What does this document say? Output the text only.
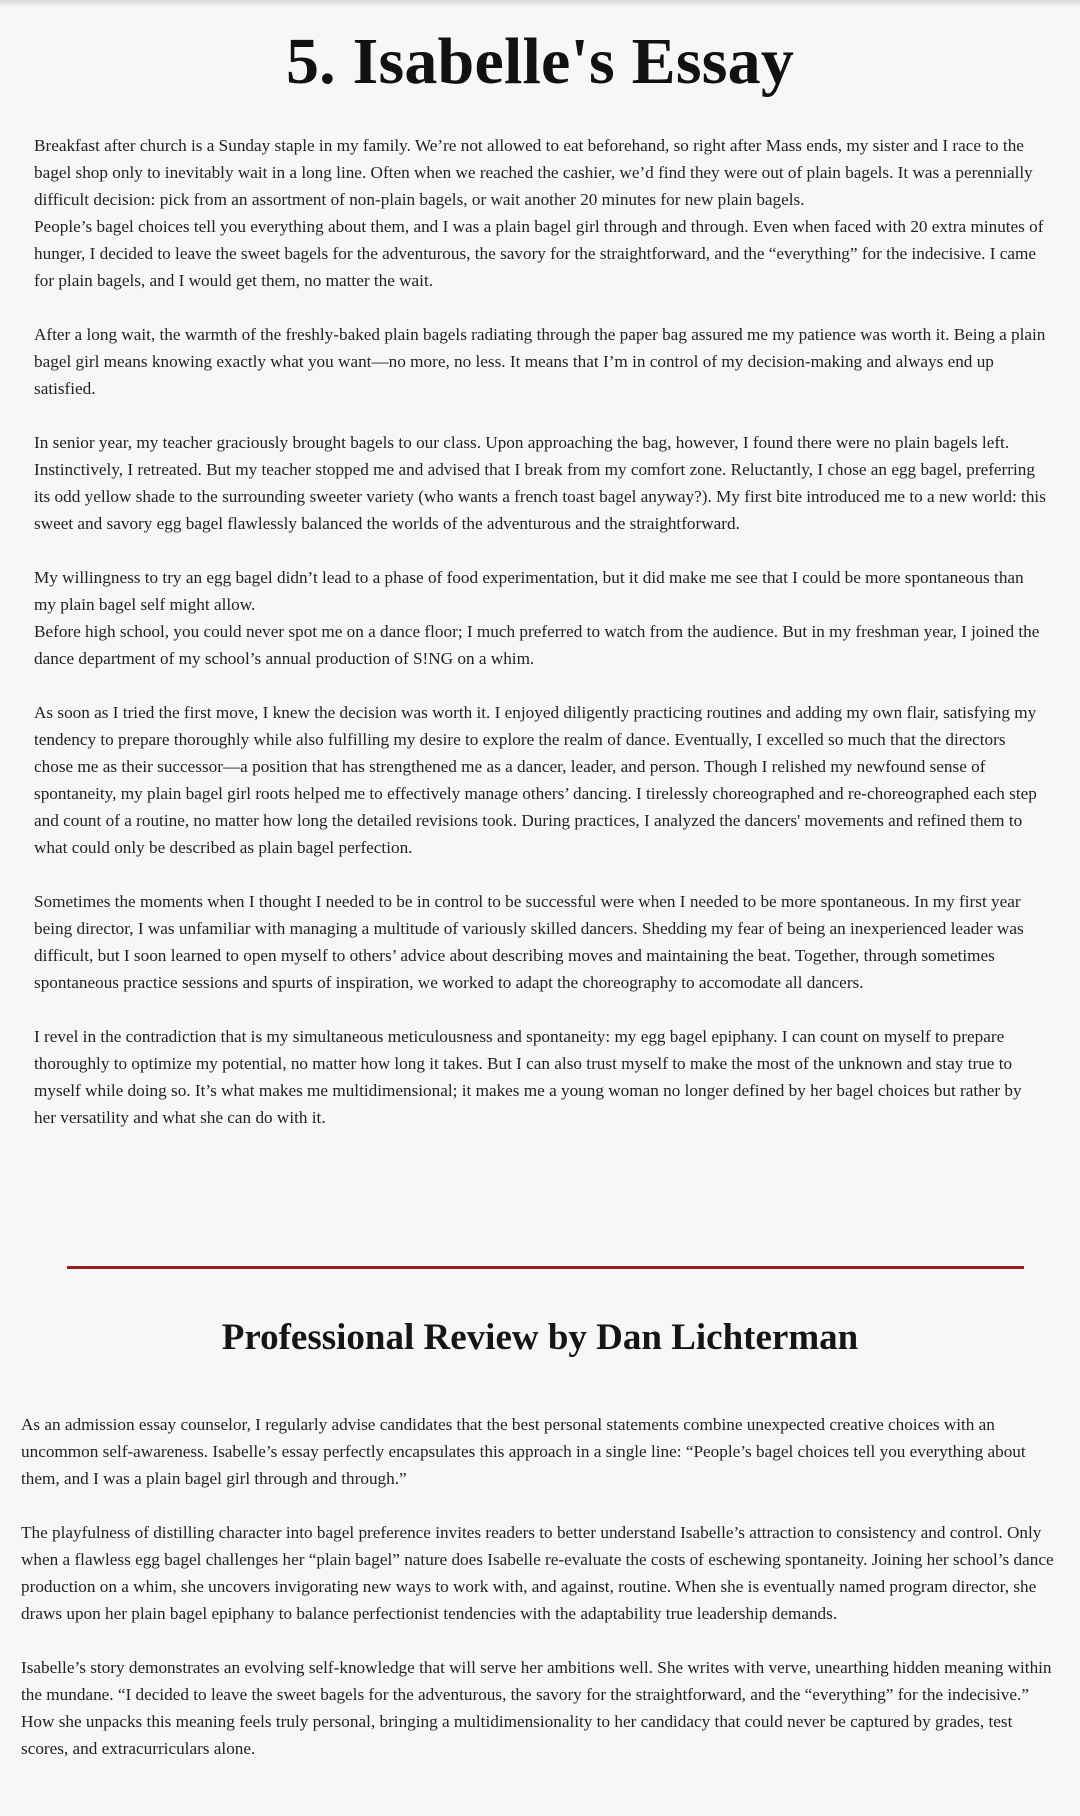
5. Isabelle's Essay

Breakfast after church is a Sunday staple in my family. We’re not allowed to eat beforehand, so right after Mass ends, my sister and I race to the bagel shop only to inevitably wait in a long line. Often when we reached the cashier, we’d find they were out of plain bagels. It was a perennially difficult decision: pick from an assortment of non-plain bagels, or wait another 20 minutes for new plain bagels.

People’s bagel choices tell you everything about them, and I was a plain bagel girl through and through. Even when faced with 20 extra minutes of hunger, I decided to leave the sweet bagels for the adventurous, the savory for the straightforward, and the “everything” for the indecisive. I came for plain bagels, and I would get them, no matter the wait.

After a long wait, the warmth of the freshly-baked plain bagels radiating through the paper bag assured me my patience was worth it. Being a plain bagel girl means knowing exactly what you want—no more, no less. It means that I’m in control of my decision-making and always end up satisfied.

In senior year, my teacher graciously brought bagels to our class. Upon approaching the bag, however, I found there were no plain bagels left. Instinctively, I retreated. But my teacher stopped me and advised that I break from my comfort zone. Reluctantly, I chose an egg bagel, preferring its odd yellow shade to the surrounding sweeter variety (who wants a french toast bagel anyway?). My first bite introduced me to a new world: this sweet and savory egg bagel flawlessly balanced the worlds of the adventurous and the straightforward.

My willingness to try an egg bagel didn’t lead to a phase of food experimentation, but it did make me see that I could be more spontaneous than my plain bagel self might allow.

Before high school, you could never spot me on a dance floor; I much preferred to watch from the audience. But in my freshman year, I joined the dance department of my school’s annual production of S!NG on a whim.

As soon as I tried the first move, I knew the decision was worth it. I enjoyed diligently practicing routines and adding my own flair, satisfying my tendency to prepare thoroughly while also fulfilling my desire to explore the realm of dance. Eventually, I excelled so much that the directors chose me as their successor—a position that has strengthened me as a dancer, leader, and person. Though I relished my newfound sense of spontaneity, my plain bagel girl roots helped me to effectively manage others’ dancing. I tirelessly choreographed and re-choreographed each step and count of a routine, no matter how long the detailed revisions took. During practices, I analyzed the dancers' movements and refined them to what could only be described as plain bagel perfection.

Sometimes the moments when I thought I needed to be in control to be successful were when I needed to be more spontaneous. In my first year being director, I was unfamiliar with managing a multitude of variously skilled dancers. Shedding my fear of being an inexperienced leader was difficult, but I soon learned to open myself to others’ advice about describing moves and maintaining the beat. Together, through sometimes spontaneous practice sessions and spurts of inspiration, we worked to adapt the choreography to accomodate all dancers.

I revel in the contradiction that is my simultaneous meticulousness and spontaneity: my egg bagel epiphany. I can count on myself to prepare thoroughly to optimize my potential, no matter how long it takes. But I can also trust myself to make the most of the unknown and stay true to myself while doing so. It’s what makes me multidimensional; it makes me a young woman no longer defined by her bagel choices but rather by her versatility and what she can do with it.

Professional Review by Dan Lichterman

As an admission essay counselor, I regularly advise candidates that the best personal statements combine unexpected creative choices with an uncommon self-awareness. Isabelle’s essay perfectly encapsulates this approach in a single line: “People’s bagel choices tell you everything about them, and I was a plain bagel girl through and through.”

The playfulness of distilling character into bagel preference invites readers to better understand Isabelle’s attraction to consistency and control. Only when a flawless egg bagel challenges her “plain bagel” nature does Isabelle re-evaluate the costs of eschewing spontaneity. Joining her school’s dance production on a whim, she uncovers invigorating new ways to work with, and against, routine. When she is eventually named program director, she draws upon her plain bagel epiphany to balance perfectionist tendencies with the adaptability true leadership demands.

Isabelle’s story demonstrates an evolving self-knowledge that will serve her ambitions well. She writes with verve, unearthing hidden meaning within the mundane. “I decided to leave the sweet bagels for the adventurous, the savory for the straightforward, and the “everything” for the indecisive.” How she unpacks this meaning feels truly personal, bringing a multidimensionality to her candidacy that could never be captured by grades, test scores, and extracurriculars alone.
